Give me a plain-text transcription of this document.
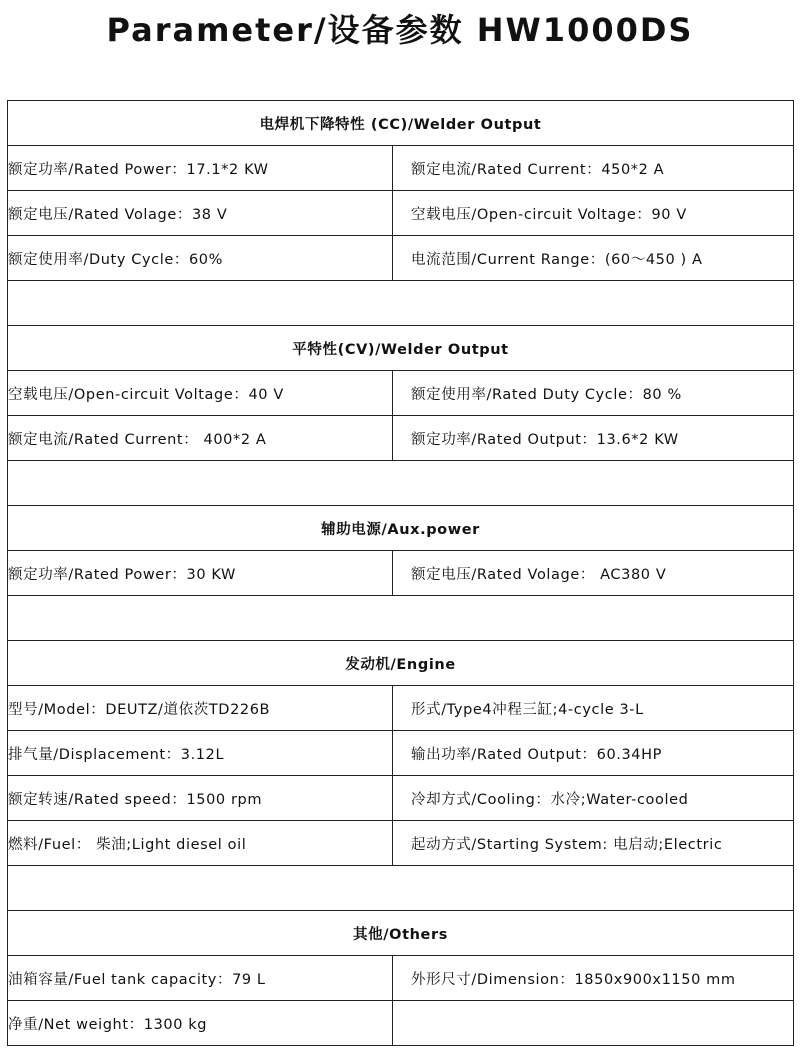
Parameter/设备参数 HW1000DS
电焊机下降特性 (CC)/Welder Output	
额定功率/Rated Power：17.1*2 KW	额定电流/Rated Current：450*2 A
额定电压/Rated Volage：38 V	空载电压/Open-circuit Voltage：90 V
额定使用率/Duty Cycle：60%	电流范围/Current Range：(60～450 ) A

平特性(CV)/Welder Output	
空载电压/Open-circuit Voltage：40 V	额定使用率/Rated Duty Cycle：80 %
额定电流/Rated Current： 400*2 A	额定功率/Rated Output：13.6*2 KW

辅助电源/Aux.power	
额定功率/Rated Power：30 KW	额定电压/Rated Volage： AC380 V

发动机/Engine	
型号/Model：DEUTZ/道依茨TD226B	形式/Type4冲程三缸;4-cycle 3-L
排气量/Displacement：3.12L	输出功率/Rated Output：60.34HP
额定转速/Rated speed：1500 rpm	冷却方式/Cooling：水冷;Water-cooled
燃料/Fuel： 柴油;Light diesel oil	起动方式/Starting System: 电启动;Electric

其他/Others	
油箱容量/Fuel tank capacity：79 L	外形尺寸/Dimension：1850x900x1150 mm
净重/Net weight：1300 kg	
